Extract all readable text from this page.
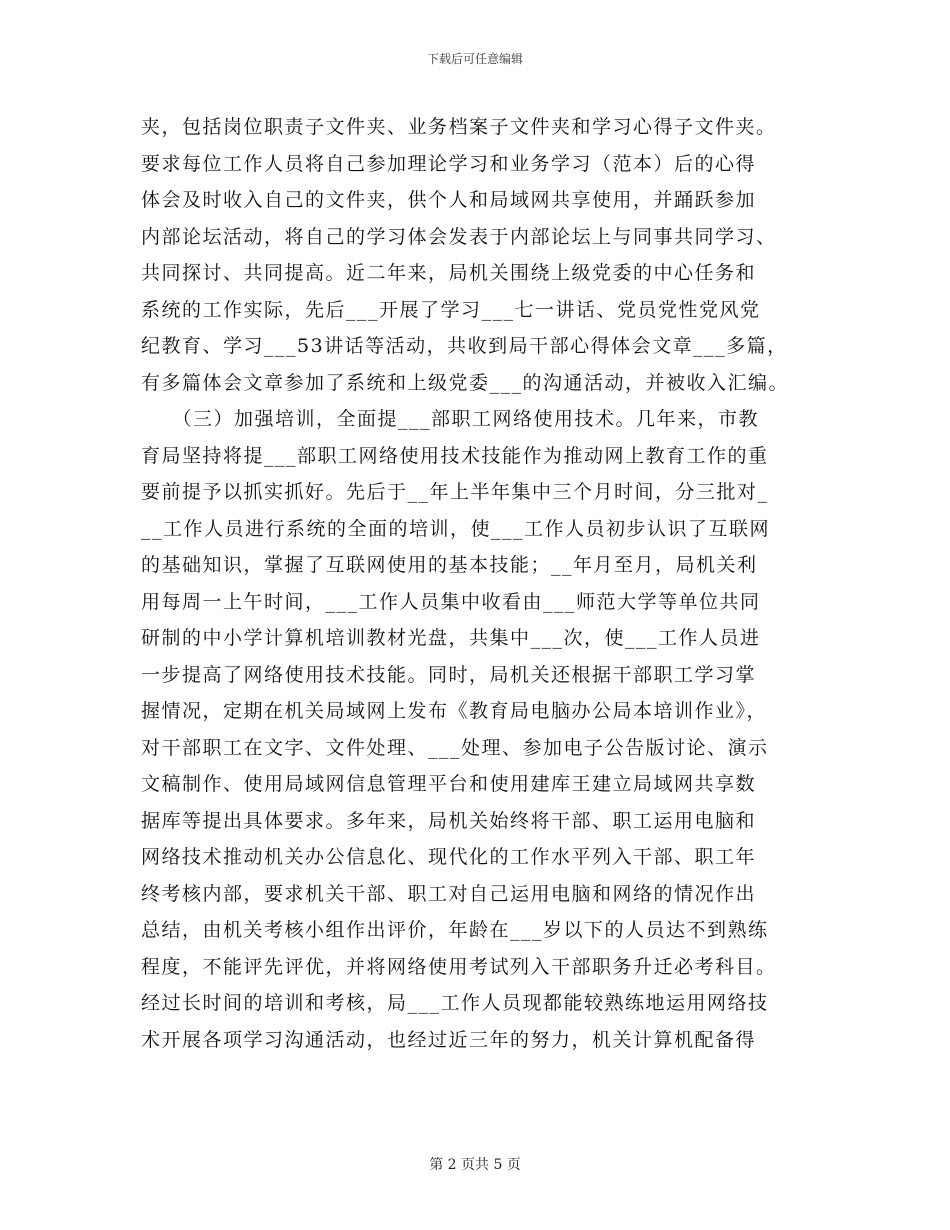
下载后可任意编辑
夹，包括岗位职责子文件夹、业务档案子文件夹和学习心得子文件夹。
要求每位工作人员将自己参加理论学习和业务学习（范本）后的心得
体会及时收入自己的文件夹，供个人和局域网共享使用，并踊跃参加
内部论坛活动，将自己的学习体会发表于内部论坛上与同事共同学习、
共同探讨、共同提高。近二年来，局机关围绕上级党委的中心任务和
系统的工作实际，先后___开展了学习___七一讲话、党员党性党风党
纪教育、学习___53讲话等活动，共收到局干部心得体会文章___多篇，
有多篇体会文章参加了系统和上级党委___的沟通活动，并被收入汇编。
　　（三）加强培训，全面提___部职工网络使用技术。几年来，市教
育局坚持将提___部职工网络使用技术技能作为推动网上教育工作的重
要前提予以抓实抓好。先后于__年上半年集中三个月时间，分三批对_
__工作人员进行系统的全面的培训，使___工作人员初步认识了互联网
的基础知识，掌握了互联网使用的基本技能；__年月至月，局机关利
用每周一上午时间，___工作人员集中收看由___师范大学等单位共同
研制的中小学计算机培训教材光盘，共集中___次，使___工作人员进
一步提高了网络使用技术技能。同时，局机关还根据干部职工学习掌
握情况，定期在机关局域网上发布《教育局电脑办公局本培训作业》，
对干部职工在文字、文件处理、___处理、参加电子公告版讨论、演示
文稿制作、使用局域网信息管理平台和使用建库王建立局域网共享数
据库等提出具体要求。多年来，局机关始终将干部、职工运用电脑和
网络技术推动机关办公信息化、现代化的工作水平列入干部、职工年
终考核内部，要求机关干部、职工对自己运用电脑和网络的情况作出
总结，由机关考核小组作出评价，年龄在___岁以下的人员达不到熟练
程度，不能评先评优，并将网络使用考试列入干部职务升迁必考科目。
经过长时间的培训和考核，局___工作人员现都能较熟练地运用网络技
术开展各项学习沟通活动，也经过近三年的努力，机关计算机配备得
第 2 页共 5 页
